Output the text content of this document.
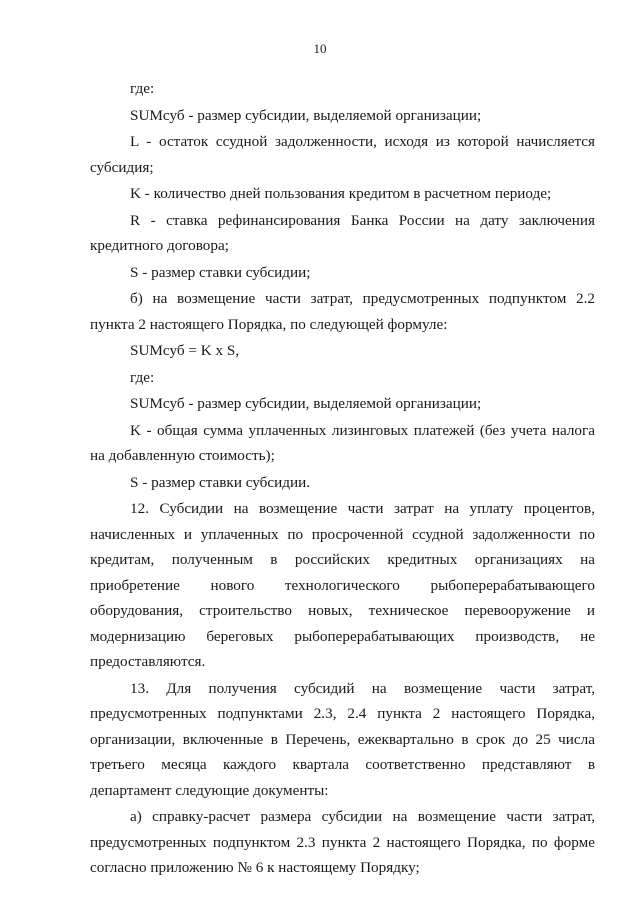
10

где:

SUMсуб - размер субсидии, выделяемой организации;

L - остаток ссудной задолженности, исходя из которой начисляется субсидия;

K - количество дней пользования кредитом в расчетном периоде;

R - ставка рефинансирования Банка России на дату заключения кредитного договора;

S - размер ставки субсидии;

б) на возмещение части затрат, предусмотренных подпунктом 2.2 пункта 2 настоящего Порядка, по следующей формуле:

SUMсуб = K x S,

где:

SUMсуб - размер субсидии, выделяемой организации;

K - общая сумма уплаченных лизинговых платежей (без учета налога на добавленную стоимость);

S - размер ставки субсидии.

12. Субсидии на возмещение части затрат на уплату процентов, начисленных и уплаченных по просроченной ссудной задолженности по кредитам, полученным в российских кредитных организациях на приобретение нового технологического рыбоперерабатывающего оборудования, строительство новых, техническое перевооружение и модернизацию береговых рыбоперерабатывающих производств, не предоставляются.

13. Для получения субсидий на возмещение части затрат, предусмотренных подпунктами 2.3, 2.4 пункта 2 настоящего Порядка, организации, включенные в Перечень, ежеквартально в срок до 25 числа третьего месяца каждого квартала соответственно представляют в департамент следующие документы:

а) справку-расчет размера субсидии на возмещение части затрат, предусмотренных подпунктом 2.3 пункта 2 настоящего Порядка, по форме согласно приложению № 6 к настоящему Порядку;
